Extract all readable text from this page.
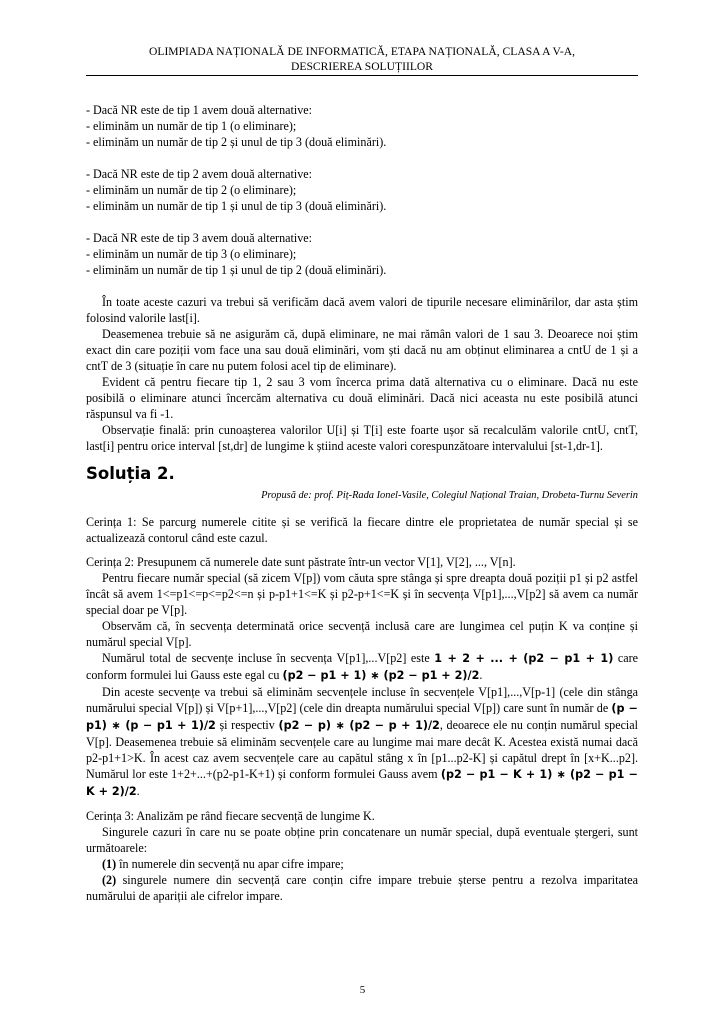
OLIMPIADA NAȚIONALĂ DE INFORMATICĂ, ETAPA NAȚIONALĂ, CLASA A V-A,
DESCRIEREA SOLUȚIILOR

- Dacă NR este de tip 1 avem două alternative:

- eliminăm un număr de tip 1 (o eliminare);

- eliminăm un număr de tip 2 și unul de tip 3 (două eliminări).

- Dacă NR este de tip 2 avem două alternative:

- eliminăm un număr de tip 2 (o eliminare);

- eliminăm un număr de tip 1 și unul de tip 3 (două eliminări).

- Dacă NR este de tip 3 avem două alternative:

- eliminăm un număr de tip 3 (o eliminare);

- eliminăm un număr de tip 1 și unul de tip 2 (două eliminări).

În toate aceste cazuri va trebui să verificăm dacă avem valori de tipurile necesare eliminărilor, dar asta știm folosind valorile last[i].

Deasemenea trebuie să ne asigurăm că, după eliminare, ne mai rămân valori de 1 sau 3. Deoarece noi știm exact din care poziții vom face una sau două eliminări, vom ști dacă nu am obținut eliminarea a cntU de 1 și a cntT de 3 (situație în care nu putem folosi acel tip de eliminare).

Evident că pentru fiecare tip 1, 2 sau 3 vom încerca prima dată alternativa cu o eliminare. Dacă nu este posibilă o eliminare atunci încercăm alternativa cu două eliminări. Dacă nici aceasta nu este posibilă atunci răspunsul va fi -1.

Observație finală: prin cunoașterea valorilor U[i] și T[i] este foarte ușor să recalculăm valorile cntU, cntT, last[i] pentru orice interval [st,dr] de lungime k știind aceste valori corespunzătoare intervalului [st-1,dr-1].

Soluția 2.
Propusă de: prof. Piț-Rada Ionel-Vasile, Colegiul Național Traian, Drobeta-Turnu Severin

Cerința 1: Se parcurg numerele citite și se verifică la fiecare dintre ele proprietatea de număr special și se actualizează contorul când este cazul.

Cerința 2: Presupunem că numerele date sunt păstrate într-un vector V[1], V[2], ..., V[n].

Pentru fiecare număr special (să zicem V[p]) vom căuta spre stânga și spre dreapta două poziții p1 și p2 astfel încât să avem 1<=p1<=p<=p2<=n și p-p1+1<=K și p2-p+1<=K și în secvența V[p1],...,V[p2] să avem ca număr special doar pe V[p].

Observăm că, în secvența determinată orice secvență inclusă care are lungimea cel puțin K va conține și numărul special V[p].

Numărul total de secvențe incluse în secvența V[p1],...V[p2] este 1 + 2 + ... + (p2 − p1 + 1) care conform formulei lui Gauss este egal cu (p2 − p1 + 1) ∗ (p2 − p1 + 2)/2.

Din aceste secvențe va trebui să eliminăm secvențele incluse în secvențele V[p1],...,V[p-1] (cele din stânga numărului special V[p]) și V[p+1],...,V[p2] (cele din dreapta numărului special V[p]) care sunt în număr de (p − p1) ∗ (p − p1 + 1)/2 și respectiv (p2 − p) ∗ (p2 − p + 1)/2, deoarece ele nu conțin numărul special V[p]. Deasemenea trebuie să eliminăm secvențele care au lungime mai mare decât K. Acestea există numai dacă p2-p1+1>K. În acest caz avem secvențele care au capătul stâng x în [p1...p2-K] și capătul drept în [x+K...p2]. Numărul lor este 1+2+...+(p2-p1-K+1) și conform formulei Gauss avem (p2 − p1 − K + 1) ∗ (p2 − p1 − K + 2)/2.

Cerința 3: Analizăm pe rând fiecare secvență de lungime K.

Singurele cazuri în care nu se poate obține prin concatenare un număr special, după eventuale ștergeri, sunt următoarele:

(1) în numerele din secvență nu apar cifre impare;

(2) singurele numere din secvență care conțin cifre impare trebuie șterse pentru a rezolva imparitatea numărului de apariții ale cifrelor impare.

5
